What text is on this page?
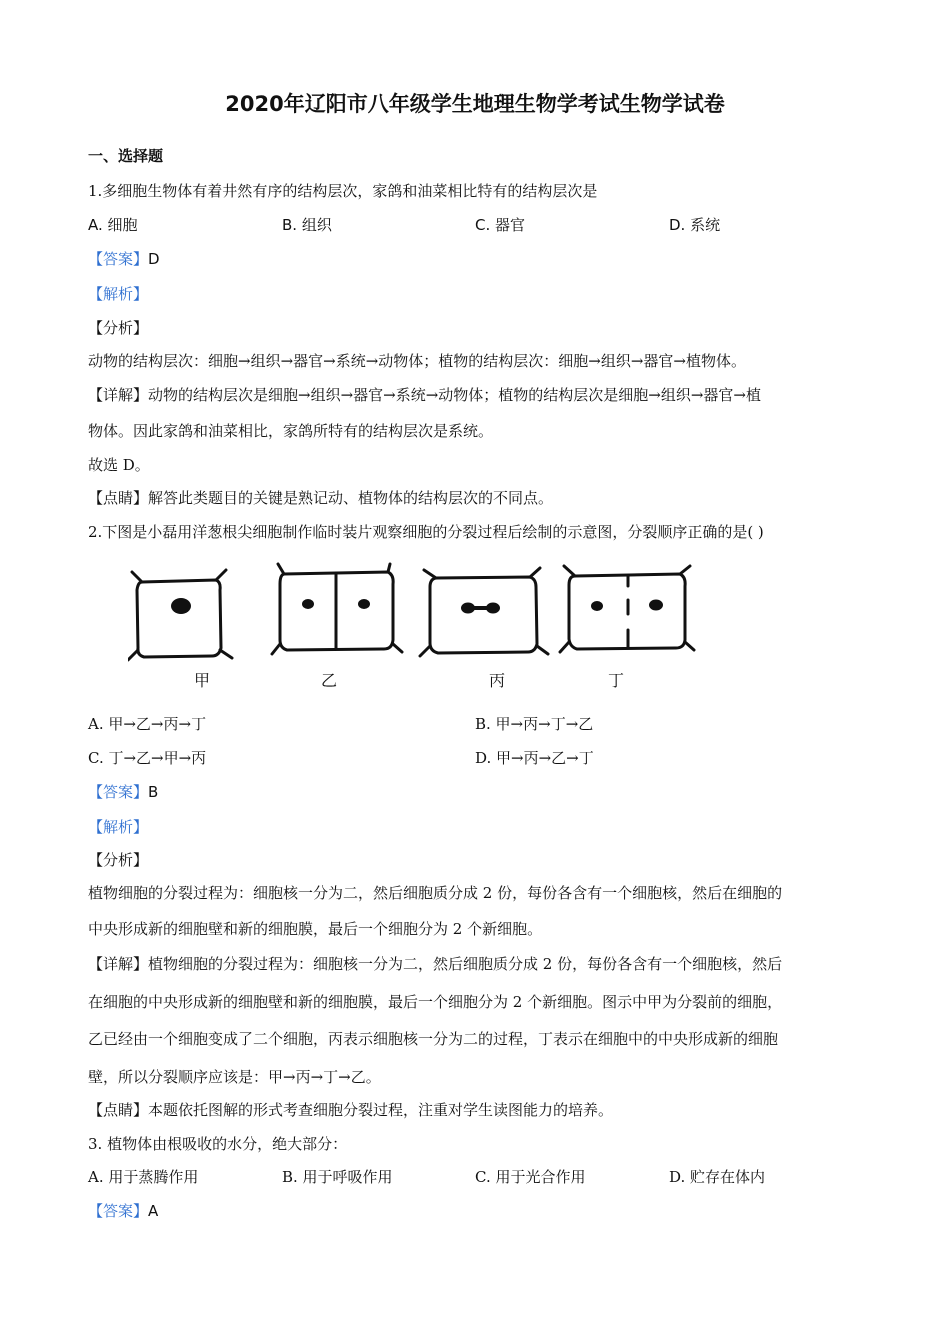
2020年辽阳市八年级学生地理生物学考试生物学试卷
一、选择题
1.多细胞生物体有着井然有序的结构层次，家鸽和油菜相比特有的结构层次是
A. 细胞	B. 组织	C. 器官	D. 系统
【答案】D
【解析】
【分析】
动物的结构层次：细胞→组织→器官→系统→动物体；植物的结构层次：细胞→组织→器官→植物体。
【详解】动物的结构层次是细胞→组织→器官→系统→动物体；植物的结构层次是细胞→组织→器官→植
物体。因此家鸽和油菜相比，家鸽所特有的结构层次是系统。
故选 D。
【点睛】解答此类题目的关键是熟记动、植物体的结构层次的不同点。
2.下图是小磊用洋葱根尖细胞制作临时装片观察细胞的分裂过程后绘制的示意图，分裂顺序正确的是( )
甲	乙	丙	丁
A. 甲→乙→丙→丁	B. 甲→丙→丁→乙
C. 丁→乙→甲→丙	D. 甲→丙→乙→丁
【答案】B
【解析】
【分析】
植物细胞的分裂过程为：细胞核一分为二，然后细胞质分成 2 份，每份各含有一个细胞核，然后在细胞的
中央形成新的细胞壁和新的细胞膜，最后一个细胞分为 2 个新细胞。
【详解】植物细胞的分裂过程为：细胞核一分为二，然后细胞质分成 2 份，每份各含有一个细胞核，然后
在细胞的中央形成新的细胞壁和新的细胞膜，最后一个细胞分为 2 个新细胞。图示中甲为分裂前的细胞，
乙已经由一个细胞变成了二个细胞，丙表示细胞核一分为二的过程，丁表示在细胞中的中央形成新的细胞
壁，所以分裂顺序应该是：甲→丙→丁→乙。
【点睛】本题依托图解的形式考查细胞分裂过程，注重对学生读图能力的培养。
3. 植物体由根吸收的水分，绝大部分：
A. 用于蒸腾作用	B. 用于呼吸作用	C. 用于光合作用	D. 贮存在体内
【答案】A
